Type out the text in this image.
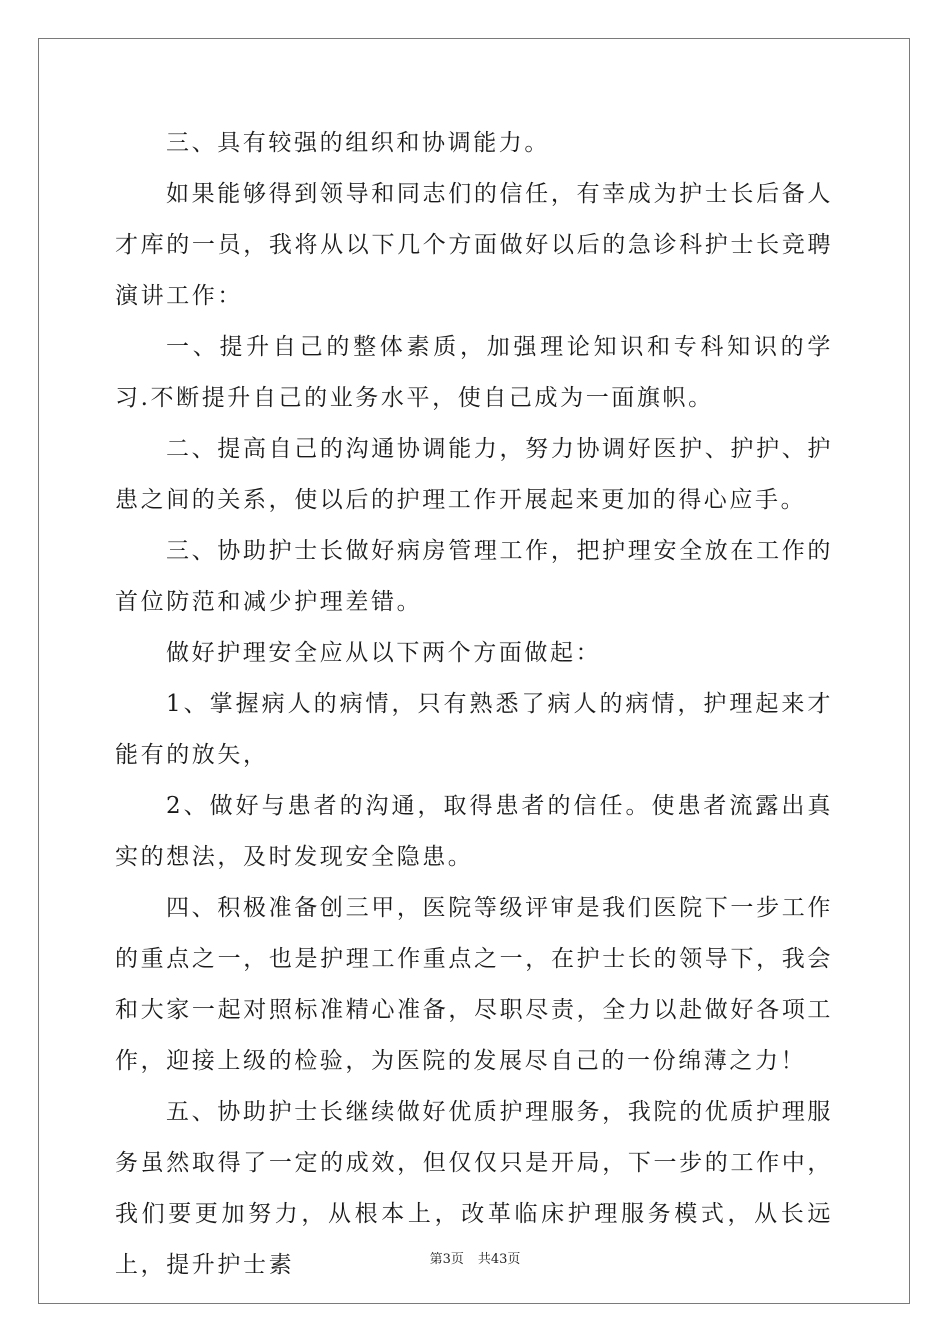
三、具有较强的组织和协调能力。

如果能够得到领导和同志们的信任，有幸成为护士长后备人才库的一员，我将从以下几个方面做好以后的急诊科护士长竞聘演讲工作：

一、提升自己的整体素质，加强理论知识和专科知识的学习.不断提升自己的业务水平，使自己成为一面旗帜。

二、提高自己的沟通协调能力，努力协调好医护、护护、护患之间的关系，使以后的护理工作开展起来更加的得心应手。

三、协助护士长做好病房管理工作，把护理安全放在工作的首位防范和减少护理差错。

做好护理安全应从以下两个方面做起：

1、掌握病人的病情，只有熟悉了病人的病情，护理起来才能有的放矢，

2、做好与患者的沟通，取得患者的信任。使患者流露出真实的想法，及时发现安全隐患。

四、积极准备创三甲，医院等级评审是我们医院下一步工作的重点之一，也是护理工作重点之一，在护士长的领导下，我会和大家一起对照标准精心准备，尽职尽责，全力以赴做好各项工作，迎接上级的检验，为医院的发展尽自己的一份绵薄之力！

五、协助护士长继续做好优质护理服务，我院的优质护理服务虽然取得了一定的成效，但仅仅只是开局，下一步的工作中，我们要更加努力，从根本上，改革临床护理服务模式，从长远上，提升护士素	第3页 共43页
